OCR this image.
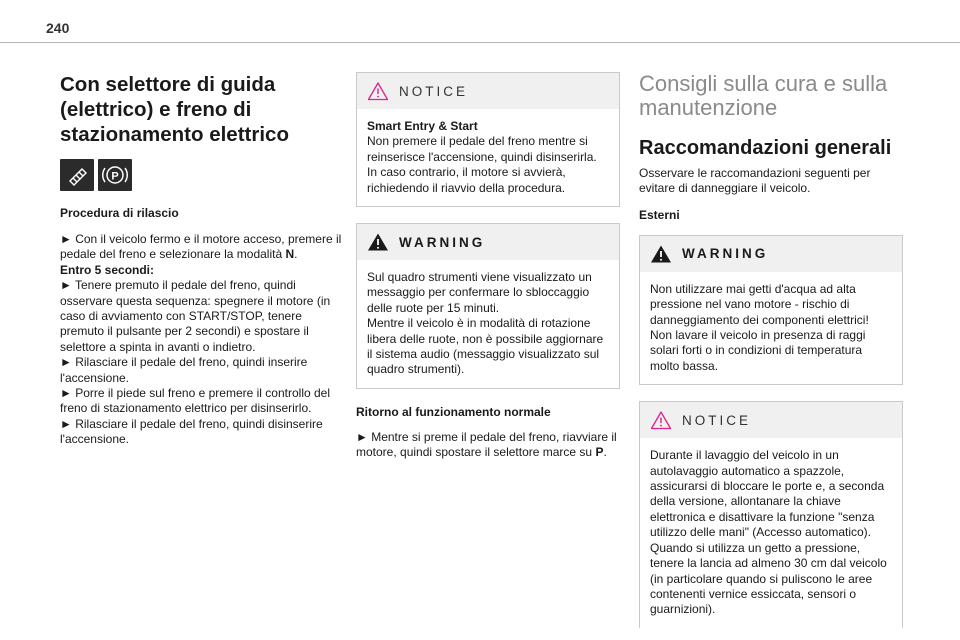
240
Con selettore di guida (elettrico) e freno di stazionamento elettrico
P
Procedura di rilascio

► Con il veicolo fermo e il motore acceso, premere il pedale del freno e selezionare la modalità N.

Entro 5 secondi:

► Tenere premuto il pedale del freno, quindi osservare questa sequenza: spegnere il motore (in caso di avviamento con START/STOP, tenere premuto il pulsante per 2 secondi) e spostare il selettore a spinta in avanti o indietro.

► Rilasciare il pedale del freno, quindi inserire l'accensione.

► Porre il piede sul freno e premere il controllo del freno di stazionamento elettrico per disinserirlo.

► Rilasciare il pedale del freno, quindi disinserire l'accensione.

NOTICE

Smart Entry & Start

Non premere il pedale del freno mentre si reinserisce l'accensione, quindi disinserirla. In caso contrario, il motore si avvierà, richiedendo il riavvio della procedura.

WARNING

Sul quadro strumenti viene visualizzato un messaggio per confermare lo sbloccaggio delle ruote per 15 minuti.

Mentre il veicolo è in modalità di rotazione libera delle ruote, non è possibile aggiornare il sistema audio (messaggio visualizzato sul quadro strumenti).

Ritorno al funzionamento normale

► Mentre si preme il pedale del freno, riavviare il motore, quindi spostare il selettore marce su P.

Consigli sulla cura e sulla manutenzione
Raccomandazioni generali
Osservare le raccomandazioni seguenti per evitare di danneggiare il veicolo.
Esterni
WARNING

Non utilizzare mai getti d'acqua ad alta pressione nel vano motore - rischio di danneggiamento dei componenti elettrici!

Non lavare il veicolo in presenza di raggi solari forti o in condizioni di temperatura molto bassa.

NOTICE

Durante il lavaggio del veicolo in un autolavaggio automatico a spazzole, assicurarsi di bloccare le porte e, a seconda della versione, allontanare la chiave elettronica e disattivare la funzione "senza utilizzo delle mani" (Accesso automatico).

Quando si utilizza un getto a pressione, tenere la lancia ad almeno 30 cm dal veicolo (in particolare quando si puliscono le aree contenenti vernice essiccata, sensori o guarnizioni).
